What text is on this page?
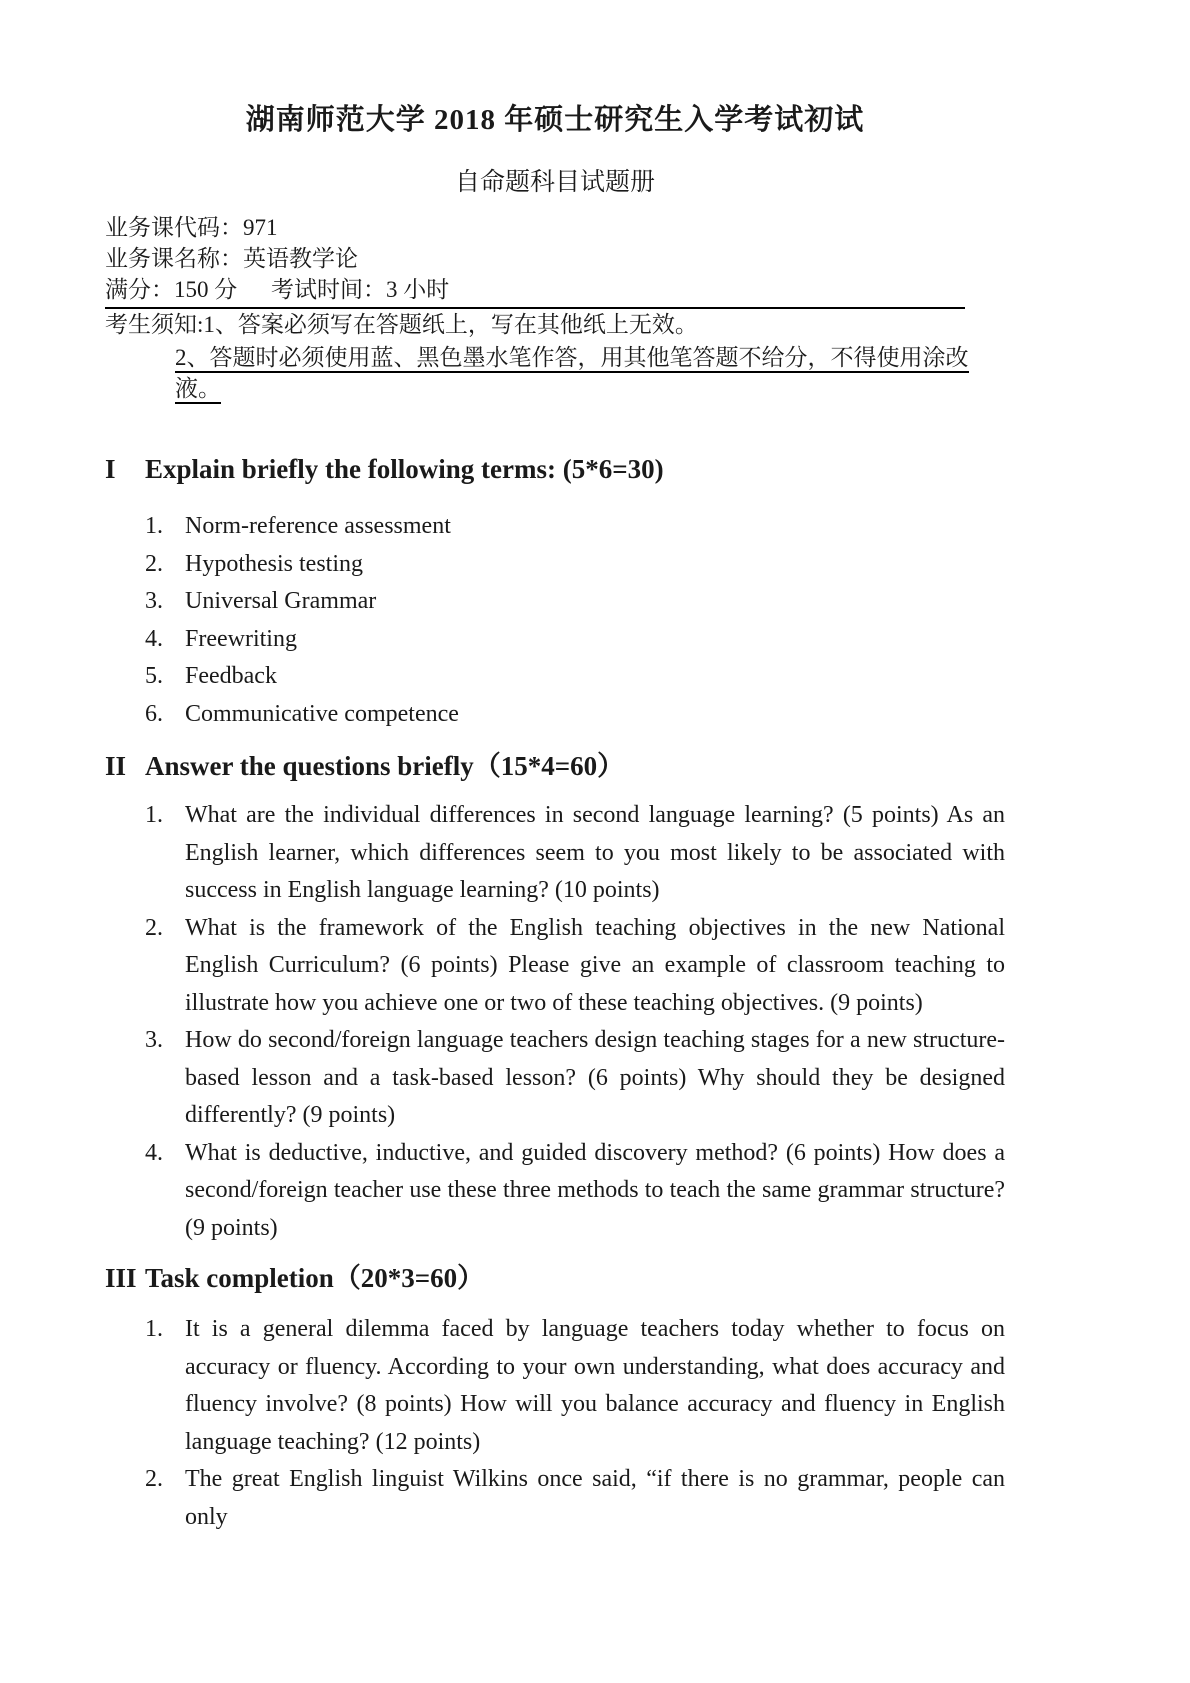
湖南师范大学 2018 年硕士研究生入学考试初试
自命题科目试题册
业务课代码：971
业务课名称：英语教学论
满分：150 分 考试时间：3 小时
考生须知:1、答案必须写在答题纸上，写在其他纸上无效。
2、答题时必须使用蓝、黑色墨水笔作答，用其他笔答题不给分，不得使用涂改液。
I	Explain briefly the following terms: (5*6=30)
1. Norm-reference assessment
2. Hypothesis testing
3. Universal Grammar
4. Freewriting
5. Feedback
6. Communicative competence
II Answer the questions briefly（15*4=60）
1. What are the individual differences in second language learning? (5 points) As an English learner, which differences seem to you most likely to be associated with success in English language learning? (10 points)
2. What is the framework of the English teaching objectives in the new National English Curriculum? (6 points) Please give an example of classroom teaching to illustrate how you achieve one or two of these teaching objectives. (9 points)
3. How do second/foreign language teachers design teaching stages for a new structure-based lesson and a task-based lesson? (6 points) Why should they be designed differently? (9 points)
4. What is deductive, inductive, and guided discovery method? (6 points) How does a second/foreign teacher use these three methods to teach the same grammar structure? (9 points)
III Task completion（20*3=60）
1. It is a general dilemma faced by language teachers today whether to focus on accuracy or fluency. According to your own understanding, what does accuracy and fluency involve? (8 points) How will you balance accuracy and fluency in English language teaching? (12 points)
2. The great English linguist Wilkins once said, “if there is no grammar, people can only
